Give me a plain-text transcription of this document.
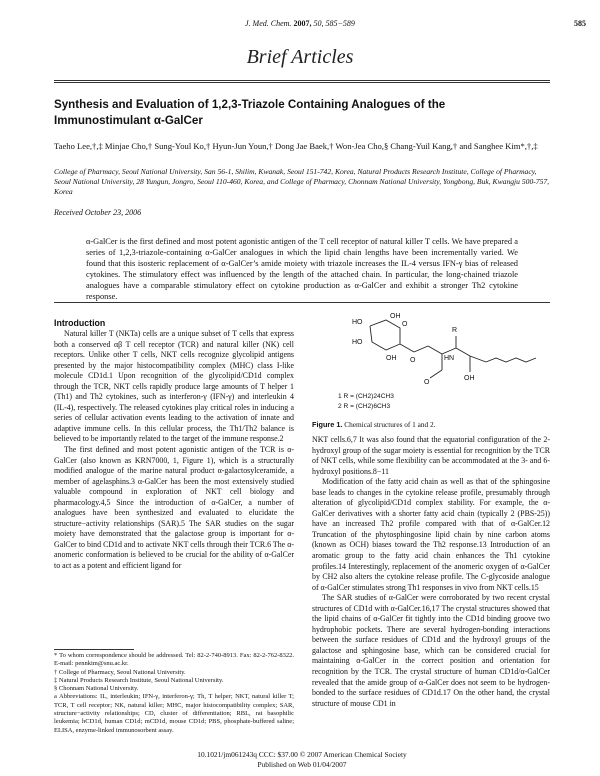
J. Med. Chem. 2007, 50, 585−589	585
Brief Articles
Synthesis and Evaluation of 1,2,3-Triazole Containing Analogues of the Immunostimulant α-GalCer
Taeho Lee,†,‡ Minjae Cho,† Sung-Youl Ko,† Hyun-Jun Youn,† Dong Jae Baek,† Won-Jea Cho,§ Chang-Yuil Kang,† and Sanghee Kim*,†,‡
College of Pharmacy, Seoul National University, San 56-1, Shilim, Kwanak, Seoul 151-742, Korea, Natural Products Research Institute, College of Pharmacy, Seoul National University, 28 Yungun, Jongro, Seoul 110-460, Korea, and College of Pharmacy, Chonnam National University, Yongbong, Buk, Kwangju 500-757, Korea
Received October 23, 2006
α-GalCer is the first defined and most potent agonistic antigen of the T cell receptor of natural killer T cells. We have prepared a series of 1,2,3-triazole-containing α-GalCer analogues in which the lipid chain lengths have been incrementally varied. We found that this isosteric replacement of α-GalCer’s amide moiety with triazole increases the IL-4 versus IFN-γ bias of released cytokines. The stimulatory effect was influenced by the length of the attached chain. In particular, the long-chained triazole analogues have a comparable stimulatory effect on cytokine production as α-GalCer and exhibit a stronger Th2 cytokine response.
Introduction

Natural killer T (NKTa) cells are a unique subset of T cells that express both a conserved αβ T cell receptor (TCR) and natural killer (NK) cell receptors. Unlike other T cells, NKT cells recognize glycolipid antigens presented by the major histocompatibility complex (MHC) class I-like molecule CD1d.1 Upon recognition of the glycolipid/CD1d complex through the TCR, NKT cells rapidly produce large amounts of T helper 1 (Th1) and Th2 cytokines, such as interferon-γ (IFN-γ) and interleukin 4 (IL-4), respectively. The released cytokines play critical roles in inducing a series of cellular activation events leading to the activation of innate and adaptive immune cells. In this cellular process, the Th1/Th2 balance is believed to be importantly related to the target of the immune response.2

The first defined and most potent agonistic antigen of the TCR is α-GalCer (also known as KRN7000, 1, Figure 1), which is a structurally modified analogue of the marine natural product α-galactosylceramide, a member of agelasphins.3 α-GalCer has been the most extensively studied valuable compound in exploration of NKT cell biology and pharmacology.4,5 Since the introduction of α-GalCer, a number of analogues have been synthesized and evaluated to elucidate the structure−activity relationships (SAR).5 The SAR studies on the sugar moiety have demonstrated that the galactose group is important for α-GalCer to bind CD1d and to activate NKT cells through their TCR.6 The α-anomeric conformation is believed to be crucial for the ability of α-GalCer to act as a potent and efficient ligand for

* To whom correspondence should be addressed. Tel: 82-2-740-8913. Fax: 82-2-762-8322. E-mail: pennkim@snu.ac.kr.
† College of Pharmacy, Seoul National University.
‡ Natural Products Research Institute, Seoul National University.
§ Chonnam National University.
a Abbreviations: IL, interleukin; IFN-γ, interferon-γ; Th, T helper; NKT, natural killer T; TCR, T cell receptor; NK, natural killer; MHC, major histocompatibility complex; SAR, structure−activity relationships; CD, cluster of differentiation; RBL, rat basophilic leukemia; hCD1d, human CD1d; mCD1d, mouse CD1d; PBS, phosphate-buffered saline; ELISA, enzyme-linked immunosorbent assay.
HO
HO
OH
O
O	HN
O
R
OH
OH
1 R = (CH2)24CH3
2 R = (CH2)6CH3
Figure 1. Chemical structures of 1 and 2.

NKT cells.6,7 It was also found that the equatorial configuration of the 2-hydroxyl group of the sugar moiety is essential for recognition by the TCR of NKT cells, while some flexibility can be accommodated at the 3- and 6-hydroxyl positions.8−11

Modification of the fatty acid chain as well as that of the sphingosine base leads to changes in the cytokine release profile, presumably through alteration of glycolipid/CD1d complex stability. For example, the α-GalCer derivatives with a shorter fatty acid chain (typically 2 (PBS-25)) have an increased Th2 profile compared with that of α-GalCer.12 Truncation of the phytosphingosine lipid chain by nine carbon atoms (known as OCH) biases toward the Th2 response.13 Introduction of an aromatic group to the fatty acid chain enhances the Th1 cytokine profiles.14 Interestingly, replacement of the anomeric oxygen of α-GalCer by CH2 also alters the cytokine release profile. The C-glycoside analogue of α-GalCer stimulates strong Th1 responses in vivo from NKT cells.15

The SAR studies of α-GalCer were corroborated by two recent crystal structures of CD1d with α-GalCer.16,17 The crystal structures showed that the lipid chains of α-GalCer fit tightly into the CD1d binding groove two hydrophobic pockets. There are several hydrogen-bonding interactions between the surface residues of CD1d and the hydroxyl groups of the galactose and sphingosine base, which can be considered crucial for maintaining α-GalCer in the correct position and orientation for recognition by the TCR. The crystal structure of human CD1d/α-GalCer revealed that the amide group of α-GalCer does not seem to be hydrogen-bonded to the surface residues of CD1d.17 On the other hand, the crystal structure of mouse CD1 in

10.1021/jm061243q CCC: $37.00 © 2007 American Chemical Society
Published on Web 01/04/2007
